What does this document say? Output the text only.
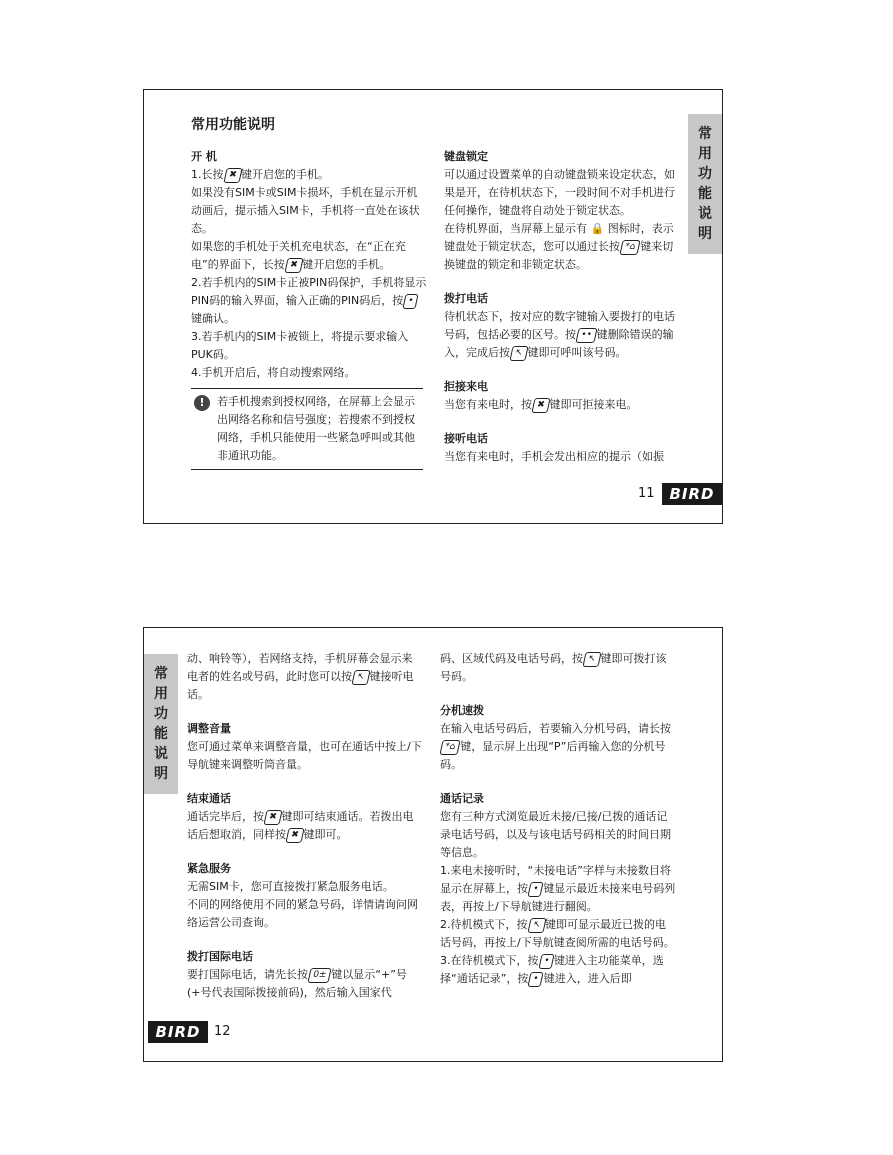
常用功能说明
常
用
功
能
说
明

开 机

1.长按 ✖ 键开启您的手机。

如果没有SIM卡或SIM卡损坏，手机在显示开机动画后，提示插入SIM卡，手机将一直处在该状态。

如果您的手机处于关机充电状态，在“正在充电”的界面下，长按 ✖ 键开启您的手机。

2.若手机内的SIM卡正被PIN码保护，手机将显示PIN码的输入界面，输入正确的PIN码后，按 •键确认。

3.若手机内的SIM卡被锁上，将提示要求输入PUK码。

4.手机开启后，将自动搜索网络。

!	若手机搜索到授权网络，在屏幕上会显示出网络名称和信号强度；若搜索不到授权网络，手机只能使用一些紧急呼叫或其他非通讯功能。

键盘锁定

可以通过设置菜单的自动键盘锁来设定状态，如果是开，在待机状态下，一段时间不对手机进行任何操作，键盘将自动处于锁定状态。

在待机界面，当屏幕上显示有 🔒 图标时，表示键盘处于锁定状态，您可以通过长按 *⌂ 键来切换键盘的锁定和非锁定状态。

拨打电话

待机状态下，按对应的数字键输入要拨打的电话号码，包括必要的区号。按 •• 键删除错误的输入，完成后按 ↖ 键即可呼叫该号码。

拒接来电

当您有来电时，按 ✖ 键即可拒接来电。

接听电话

当您有来电时，手机会发出相应的提示（如振

11 BIRD
常
用
功
能
说
明

动、响铃等），若网络支持，手机屏幕会显示来电者的姓名或号码，此时您可以按 ↖ 键接听电话。

调整音量

您可通过菜单来调整音量，也可在通话中按上/下导航键来调整听筒音量。

结束通话

通话完毕后，按 ✖ 键即可结束通话。若拨出电话后想取消，同样按 ✖ 键即可。

紧急服务

无需SIM卡，您可直接拨打紧急服务电话。

不同的网络使用不同的紧急号码，详情请询问网络运营公司查询。

拨打国际电话

要打国际电话，请先长按 0± 键以显示“+”号(+号代表国际拨接前码)，然后输入国家代

码、区域代码及电话号码，按 ↖ 键即可拨打该号码。

分机速拨

在输入电话号码后，若要输入分机号码，请长按*⌂ 键，显示屏上出现“P”后再输入您的分机号码。

通话记录

您有三种方式浏览最近未接/已接/已拨的通话记录电话号码，以及与该电话号码相关的时间日期等信息。

1.来电未接听时，“未接电话”字样与未接数目将显示在屏幕上，按 • 键显示最近未接来电号码列表，再按上/下导航键进行翻阅。

2.待机模式下，按 ↖ 键即可显示最近已拨的电话号码，再按上/下导航键查阅所需的电话号码。

3.在待机模式下，按 • 键进入主功能菜单，选择“通话记录”，按 • 键进入，进入后即

BIRD	12
